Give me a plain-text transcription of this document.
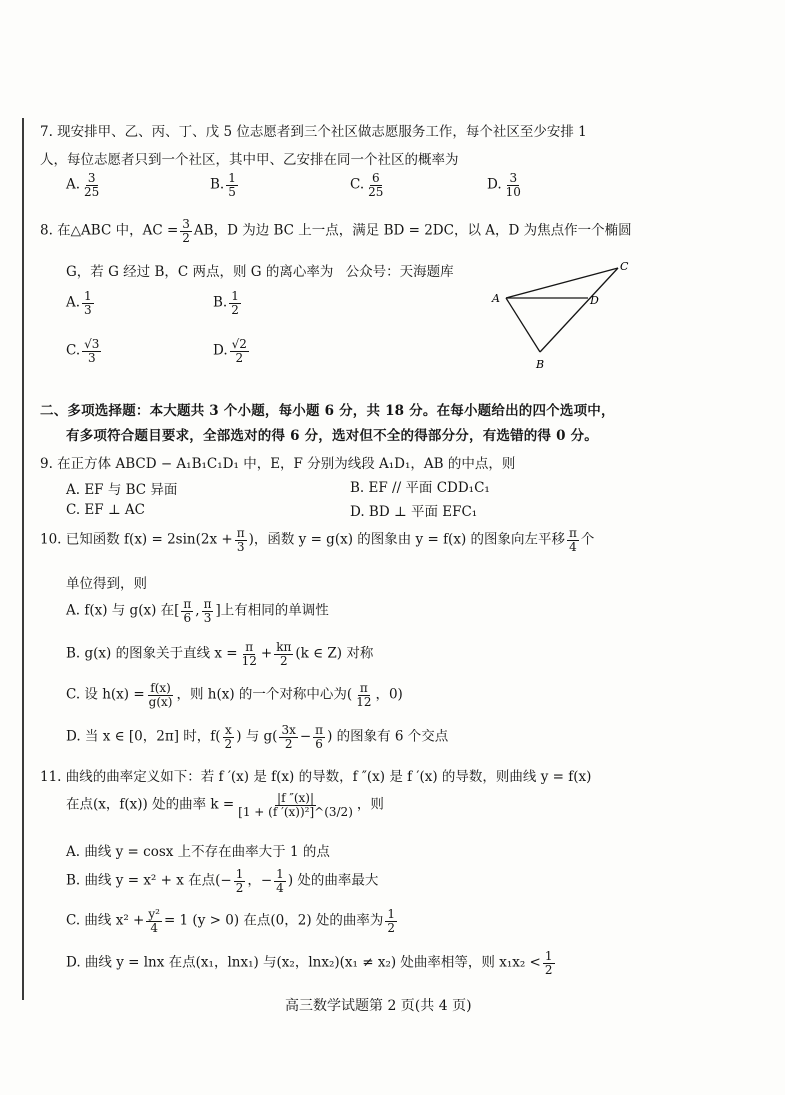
7. 现安排甲、乙、丙、丁、戊 5 位志愿者到三个社区做志愿服务工作，每个社区至少安排 1
人，每位志愿者只到一个社区，其中甲、乙安排在同一个社区的概率为
A. $\frac{3}{25}$	B. $\frac{1}{5}$	C. $\frac{6}{25}$	D. $\frac{3}{10}$
8. 在△ABC 中，AC = $\frac{3}{2}$ AB，D 为边 BC 上一点，满足 BD = 2DC，以 A，D 为焦点作一个椭圆
G，若 G 经过 B，C 两点，则 G 的离心率为 公众号：天海题库
A. $\frac{1}{3}$	B. $\frac{1}{2}$
C. $\frac{√3}{3}$	D. $\frac{√2}{2}$
A
B
C
D
二、多项选择题：本大题共 3 个小题，每小题 6 分，共 18 分。在每小题给出的四个选项中，
有多项符合题目要求，全部选对的得 6 分，选对但不全的得部分分，有选错的得 0 分。
9. 在正方体 ABCD − A₁B₁C₁D₁ 中，E，F 分别为线段 A₁D₁，AB 的中点，则
A. EF 与 BC 异面	B. EF // 平面 CDD₁C₁
C. EF ⊥ AC	D. BD ⊥ 平面 EFC₁
10. 已知函数 $f(x) = 2\sin(2x + \frac{\pi}{3}$ )，函数 y = g(x) 的图象由 y = f(x) 的图象向左平移 $\frac{\pi}{4}$ 个
单位得到，则
A. f(x) 与 g(x) 在[ $\frac{\pi}{6}$ , $\frac{\pi}{3}$ ]上有相同的单调性
B. g(x) 的图象关于直线 $x = \frac{\pi}{12} + \frac{k\pi}{2} (k$ ∈ Z) 对称
C. 设 $h(x) = \frac{f(x)}{g(x)}$ ，则 h(x) 的一个对称中心为( $\frac{\pi}{12}$ ，0)
D. 当 x ∈ [0，2π] 时，$f( \frac{x}{2}$ ) 与 $g( \frac{3x}{2} - \frac{\pi}{6}$ ) 的图象有 6 个交点
11. 曲线的曲率定义如下：若 f ′(x) 是 f(x) 的导数，f ″(x) 是 f ′(x) 的导数，则曲线 y = f(x)
在点(x，f(x)) 处的曲率 $k = \frac{|f ''(x)|}{\text{[1 + (f ′(x))²]\textasciicircum{}(3/2)}}$ ，则
A. 曲线 y = cosx 上不存在曲率大于 1 的点
B. 曲线 y = x² + x 在点(− $\frac{1}{2}$ ，− $\frac{1}{4}$ ) 处的曲率最大
C. 曲线 $x^2 + \frac{\text{y²}}{4} = 1$ (y > 0) 在点(0，2) 处的曲率为 $\frac{1}{2}$
D. 曲线 y = lnx 在点(x₁，lnx₁) 与(x₂，lnx₂)(x₁ ≠ x₂) 处曲率相等，则 $x_1x_2 < \frac{1}{2}$
高三数学试题第 2 页(共 4 页)
